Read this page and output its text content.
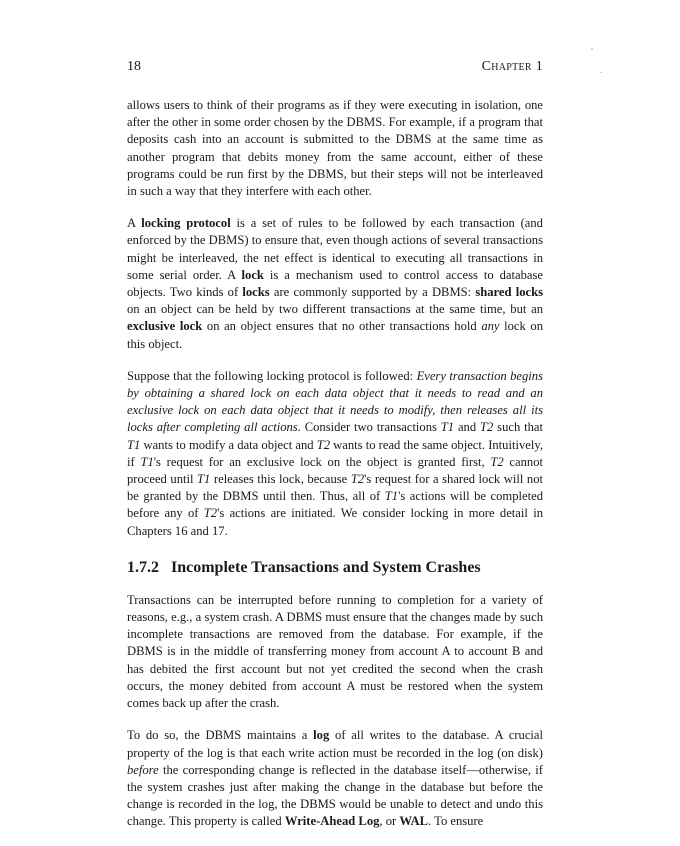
,
.
18	Chapter 1

allows users to think of their programs as if they were executing in isolation, one after the other in some order chosen by the DBMS. For example, if a program that deposits cash into an account is submitted to the DBMS at the same time as another program that debits money from the same account, either of these programs could be run first by the DBMS, but their steps will not be interleaved in such a way that they interfere with each other.

A locking protocol is a set of rules to be followed by each transaction (and enforced by the DBMS) to ensure that, even though actions of several transactions might be interleaved, the net effect is identical to executing all transactions in some serial order. A lock is a mechanism used to control access to database objects. Two kinds of locks are commonly supported by a DBMS: shared locks on an object can be held by two different transactions at the same time, but an exclusive lock on an object ensures that no other transactions hold any lock on this object.

Suppose that the following locking protocol is followed: Every transaction begins by obtaining a shared lock on each data object that it needs to read and an exclusive lock on each data object that it needs to modify, then releases all its locks after completing all actions. Consider two transactions T1 and T2 such that T1 wants to modify a data object and T2 wants to read the same object. Intuitively, if T1's request for an exclusive lock on the object is granted first, T2 cannot proceed until T1 releases this lock, because T2's request for a shared lock will not be granted by the DBMS until then. Thus, all of T1's actions will be completed before any of T2's actions are initiated. We consider locking in more detail in Chapters 16 and 17.

1.7.2 Incomplete Transactions and System Crashes

Transactions can be interrupted before running to completion for a variety of reasons, e.g., a system crash. A DBMS must ensure that the changes made by such incomplete transactions are removed from the database. For example, if the DBMS is in the middle of transferring money from account A to account B and has debited the first account but not yet credited the second when the crash occurs, the money debited from account A must be restored when the system comes back up after the crash.

To do so, the DBMS maintains a log of all writes to the database. A crucial property of the log is that each write action must be recorded in the log (on disk) before the corresponding change is reflected in the database itself—otherwise, if the system crashes just after making the change in the database but before the change is recorded in the log, the DBMS would be unable to detect and undo this change. This property is called Write-Ahead Log, or WAL. To ensure
